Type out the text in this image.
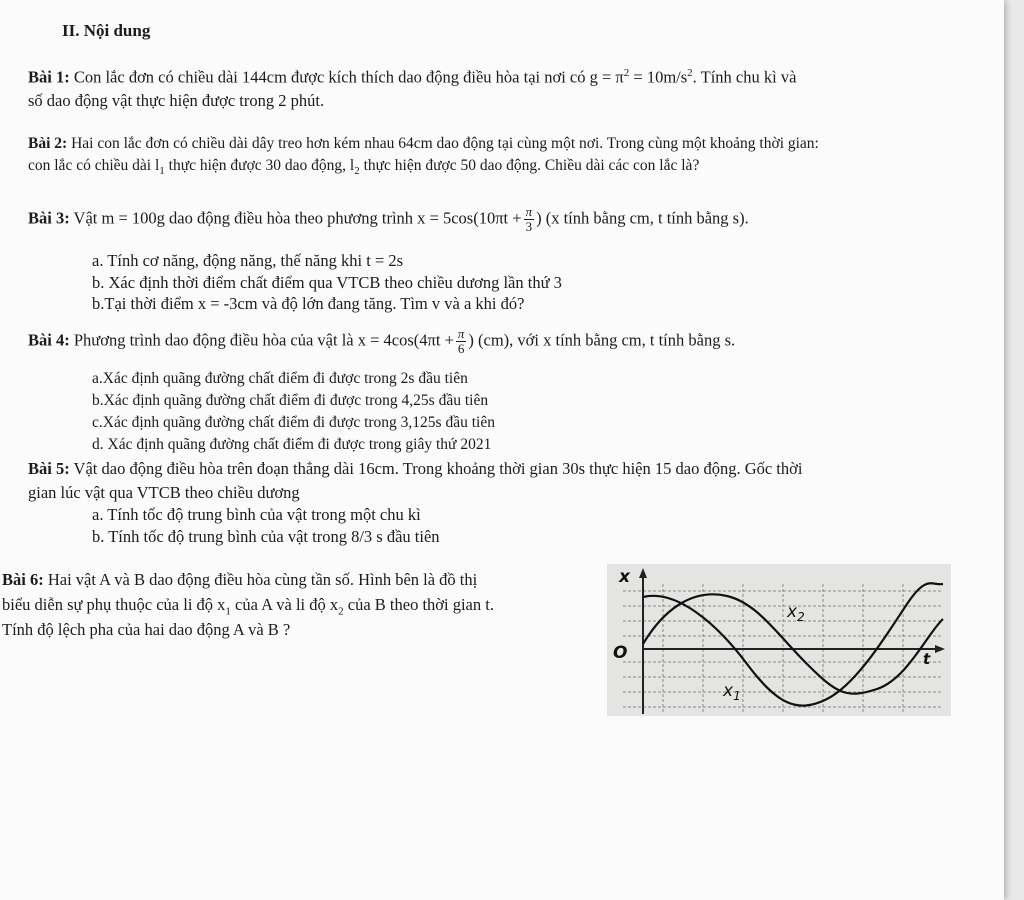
II. Nội dung
Bài 1: Con lắc đơn có chiều dài 144cm được kích thích dao động điều hòa tại nơi có $g = \pi^2 = 10m/s^2$. Tính chu kì và
số dao động vật thực hiện được trong 2 phút.
Bài 2: Hai con lắc đơn có chiều dài dây treo hơn kém nhau 64cm dao động tại cùng một nơi. Trong cùng một khoảng thời gian:
con lắc có chiều dài $l_1$ thực hiện được 30 dao động, $l_2$ thực hiện được 50 dao động. Chiều dài các con lắc là?
Bài 3: Vật m = 100g dao động điều hòa theo phương trình $x = 5\cos(10\pi t + \frac{\pi}{3}$ ) (x tính bằng cm, t tính bằng s).
a. Tính cơ năng, động năng, thế năng khi t = 2s
b. Xác định thời điểm chất điểm qua VTCB theo chiều dương lần thứ 3
b.Tại thời điểm x = -3cm và độ lớn đang tăng. Tìm v và a khi đó?
Bài 4: Phương trình dao động điều hòa của vật là $x = 4\cos(4\pi t + \frac{\pi}{6}$ ) (cm), với x tính bằng cm, t tính bằng s.
a.Xác định quãng đường chất điểm đi được trong 2s đầu tiên
b.Xác định quãng đường chất điểm đi được trong 4,25s đầu tiên
c.Xác định quãng đường chất điểm đi được trong 3,125s đầu tiên
d. Xác định quãng đường chất điểm đi được trong giây thứ 2021
Bài 5: Vật dao động điều hòa trên đoạn thẳng dài 16cm. Trong khoảng thời gian 30s thực hiện 15 dao động. Gốc thời
gian lúc vật qua VTCB theo chiều dương
a. Tính tốc độ trung bình của vật trong một chu kì
b. Tính tốc độ trung bình của vật trong 8/3 s đầu tiên
Bài 6: Hai vật A và B dao động điều hòa cùng tần số. Hình bên là đồ thị
biểu diễn sự phụ thuộc của li độ $x_1$ của A và li độ $x_2$ của B theo thời gian t.
Tính độ lệch pha của hai dao động A và B ?
x
O	t
$x_2$
$x_1$
